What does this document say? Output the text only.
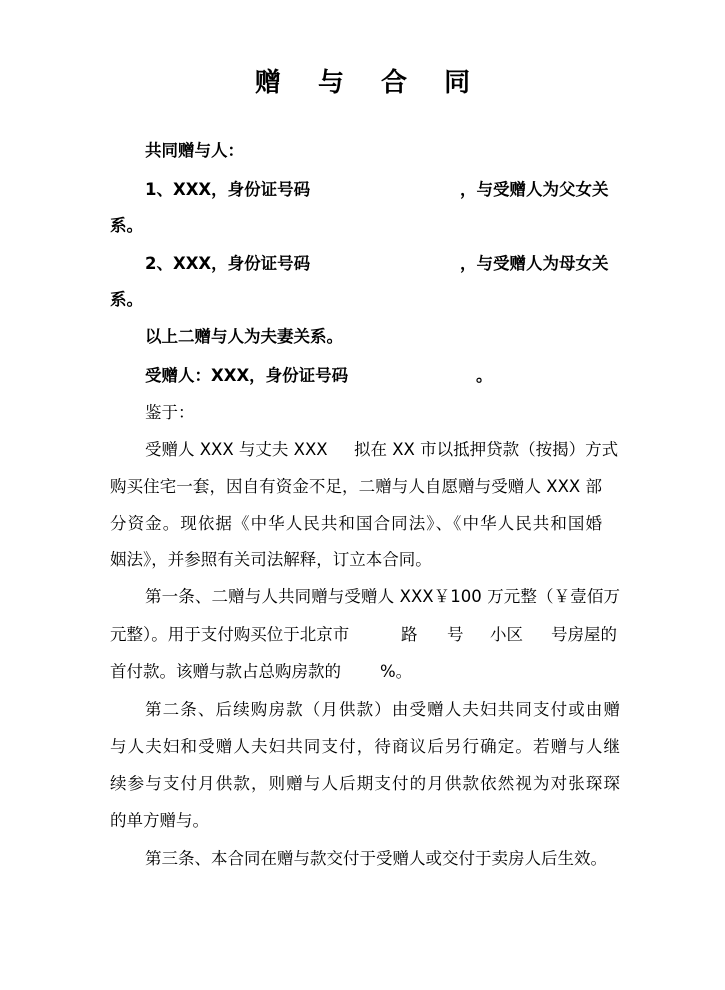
赠 与 合 同
共同赠与人：
1、XXX，身份证号码	，与受赠人为父女关
系。
2、XXX，身份证号码	，与受赠人为母女关
系。
以上二赠与人为夫妻关系。
受赠人：XXX，身份证号码	。
鉴于：
受赠人 XXX 与丈夫 XXX 拟在 XX 市以抵押贷款（按揭）方式
购买住宅一套，因自有资金不足，二赠与人自愿赠与受赠人 XXX 部
分资金。现依据《中华人民共和国合同法》、《中华人民共和国婚
姻法》，并参照有关司法解释，订立本合同。
第一条、二赠与人共同赠与受赠人 XXX￥100 万元整（￥壹佰万
元整）。用于支付购买位于北京市	路	号	小区	号房屋的
首付款。该赠与款占总购房款的	%。
第二条、后续购房款（月供款）由受赠人夫妇共同支付或由赠
与人夫妇和受赠人夫妇共同支付，待商议后另行确定。若赠与人继
续参与支付月供款，则赠与人后期支付的月供款依然视为对张琛琛
的单方赠与。
第三条、本合同在赠与款交付于受赠人或交付于卖房人后生效。
